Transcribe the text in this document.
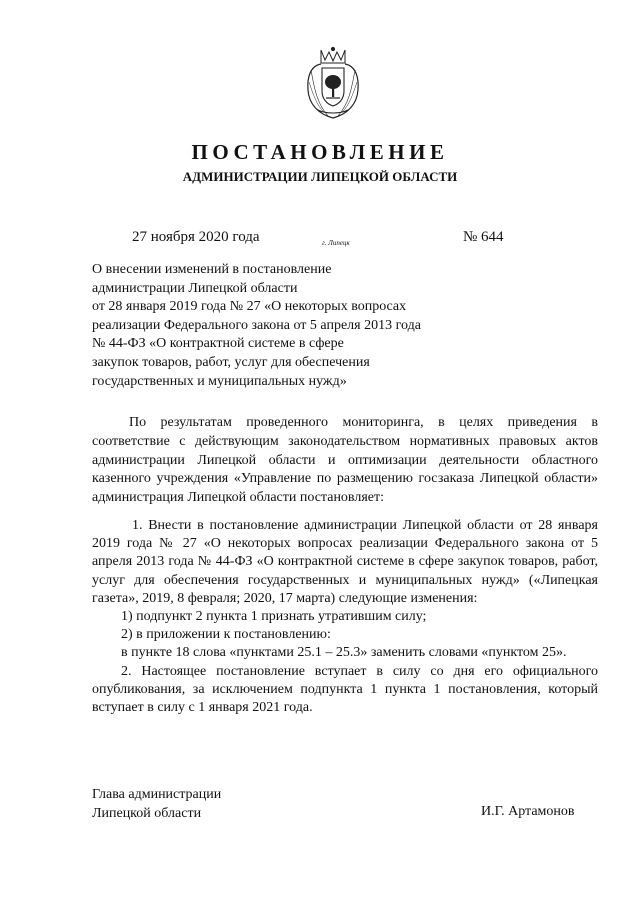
ПОСТАНОВЛЕНИЕ
АДМИНИСТРАЦИИ ЛИПЕЦКОЙ ОБЛАСТИ
27 ноября 2020 года	г. Липецк	№ 644
О внесении изменений в постановление
администрации Липецкой области
от 28 января 2019 года № 27 «О некоторых вопросах
реализации Федерального закона от 5 апреля 2013 года
№ 44-ФЗ «О контрактной системе в сфере
закупок товаров, работ, услуг для обеспечения
государственных и муниципальных нужд»

По результатам проведенного мониторинга, в целях приведения в соответствие с действующим законодательством нормативных правовых актов администрации Липецкой области и оптимизации деятельности областного казенного учреждения «Управление по размещению госзаказа Липецкой области» администрация Липецкой области постановляет:

1. Внести в постановление администрации Липецкой области от 28 января 2019 года № 27 «О некоторых вопросах реализации Федерального закона от 5 апреля 2013 года № 44-ФЗ «О контрактной системе в сфере закупок товаров, работ, услуг для обеспечения государственных и муниципальных нужд» («Липецкая газета», 2019, 8 февраля; 2020, 17 марта) следующие изменения:

1) подпункт 2 пункта 1 признать утратившим силу;

2) в приложении к постановлению:

в пункте 18 слова «пунктами 25.1 – 25.3» заменить словами «пунктом 25».

2. Настоящее постановление вступает в силу со дня его официального опубликования, за исключением подпункта 1 пункта 1 постановления, который вступает в силу с 1 января 2021 года.

Глава администрации
Липецкой области	И.Г. Артамонов
